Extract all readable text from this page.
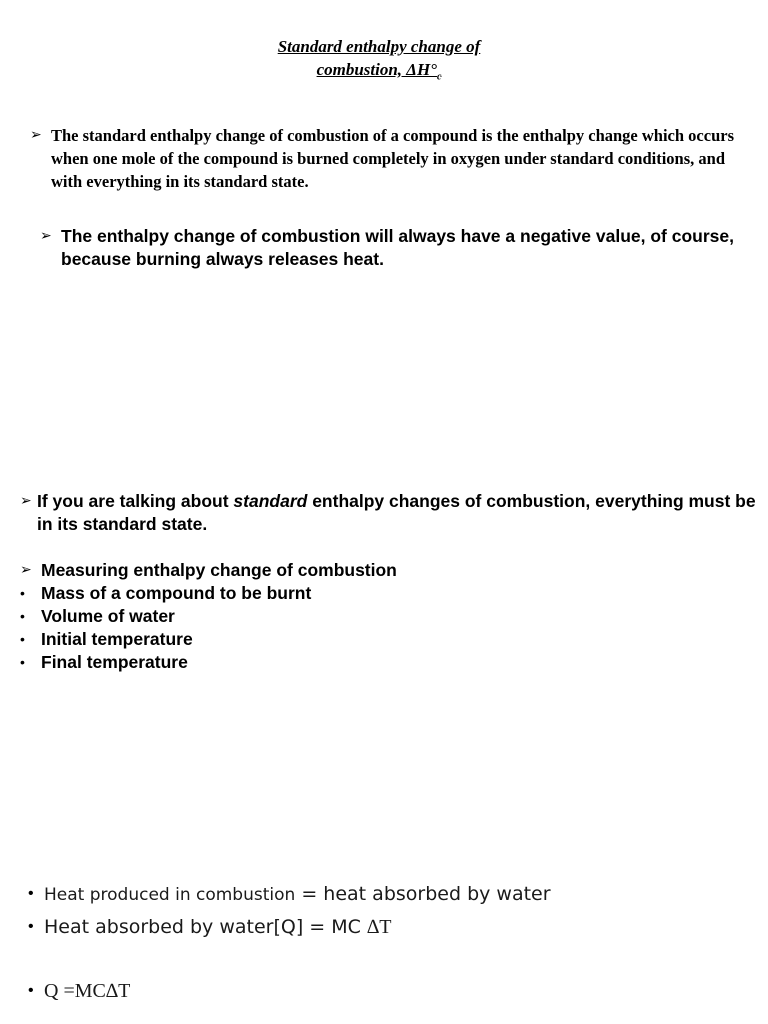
Standard enthalpy change of
combustion, $\Delta H^\circ_c$
➢ The standard enthalpy change of combustion of a compound is the enthalpy change which occurs when one mole of the compound is burned completely in oxygen under standard conditions, and with everything in its standard state.

➢ The enthalpy change of combustion will always have a negative value, of course, because burning always releases heat.

➢ If you are talking about standard enthalpy changes of combustion, everything must be in its standard state.

➢ Measuring enthalpy change of combustion
• Mass of a compound to be burnt
• Volume of water
• Initial temperature
• Final temperature
• Heat produced in combustion = heat absorbed by water
• Heat absorbed by water[Q] = MC ∆T
• Q =MC∆T
